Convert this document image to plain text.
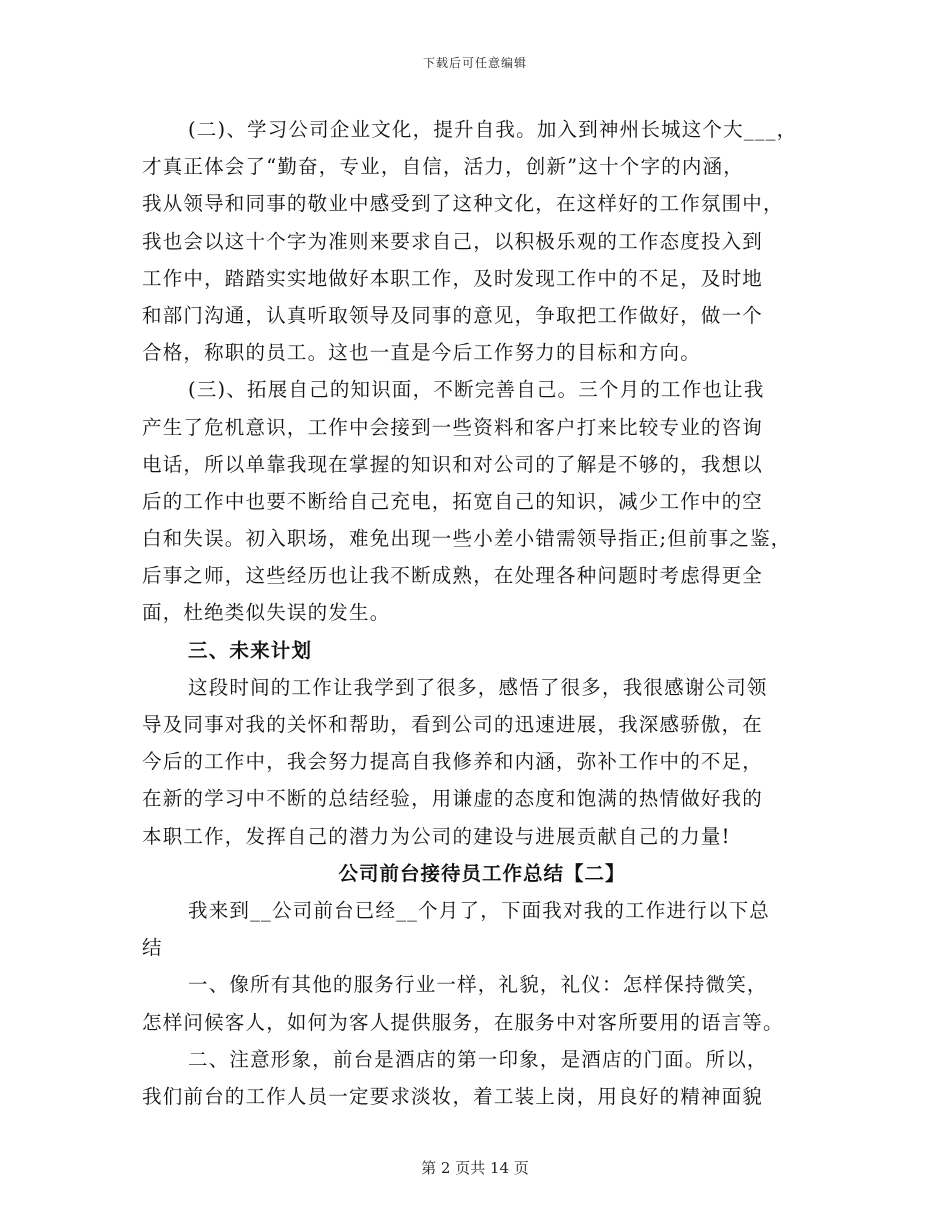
下载后可任意编辑
(二)、学习公司企业文化，提升自我。加入到神州长城这个大___，
才真正体会了“勤奋，专业，自信，活力，创新”这十个字的内涵，
我从领导和同事的敬业中感受到了这种文化，在这样好的工作氛围中，
我也会以这十个字为准则来要求自己，以积极乐观的工作态度投入到
工作中，踏踏实实地做好本职工作，及时发现工作中的不足，及时地
和部门沟通，认真听取领导及同事的意见，争取把工作做好，做一个
合格，称职的员工。这也一直是今后工作努力的目标和方向。
(三)、拓展自己的知识面，不断完善自己。三个月的工作也让我
产生了危机意识，工作中会接到一些资料和客户打来比较专业的咨询
电话，所以单靠我现在掌握的知识和对公司的了解是不够的，我想以
后的工作中也要不断给自己充电，拓宽自己的知识，减少工作中的空
白和失误。初入职场，难免出现一些小差小错需领导指正;但前事之鉴，
后事之师，这些经历也让我不断成熟，在处理各种问题时考虑得更全
面，杜绝类似失误的发生。
三、未来计划
这段时间的工作让我学到了很多，感悟了很多，我很感谢公司领
导及同事对我的关怀和帮助，看到公司的迅速进展，我深感骄傲，在
今后的工作中，我会努力提高自我修养和内涵，弥补工作中的不足，
在新的学习中不断的总结经验，用谦虚的态度和饱满的热情做好我的
本职工作，发挥自己的潜力为公司的建设与进展贡献自己的力量!
公司前台接待员工作总结【二】
我来到__公司前台已经__个月了，下面我对我的工作进行以下总
结
一、像所有其他的服务行业一样，礼貌，礼仪：怎样保持微笑，
怎样问候客人，如何为客人提供服务，在服务中对客所要用的语言等。
二、注意形象，前台是酒店的第一印象，是酒店的门面。所以，
我们前台的工作人员一定要求淡妆，着工装上岗，用良好的精神面貌
第 2 页共 14 页
